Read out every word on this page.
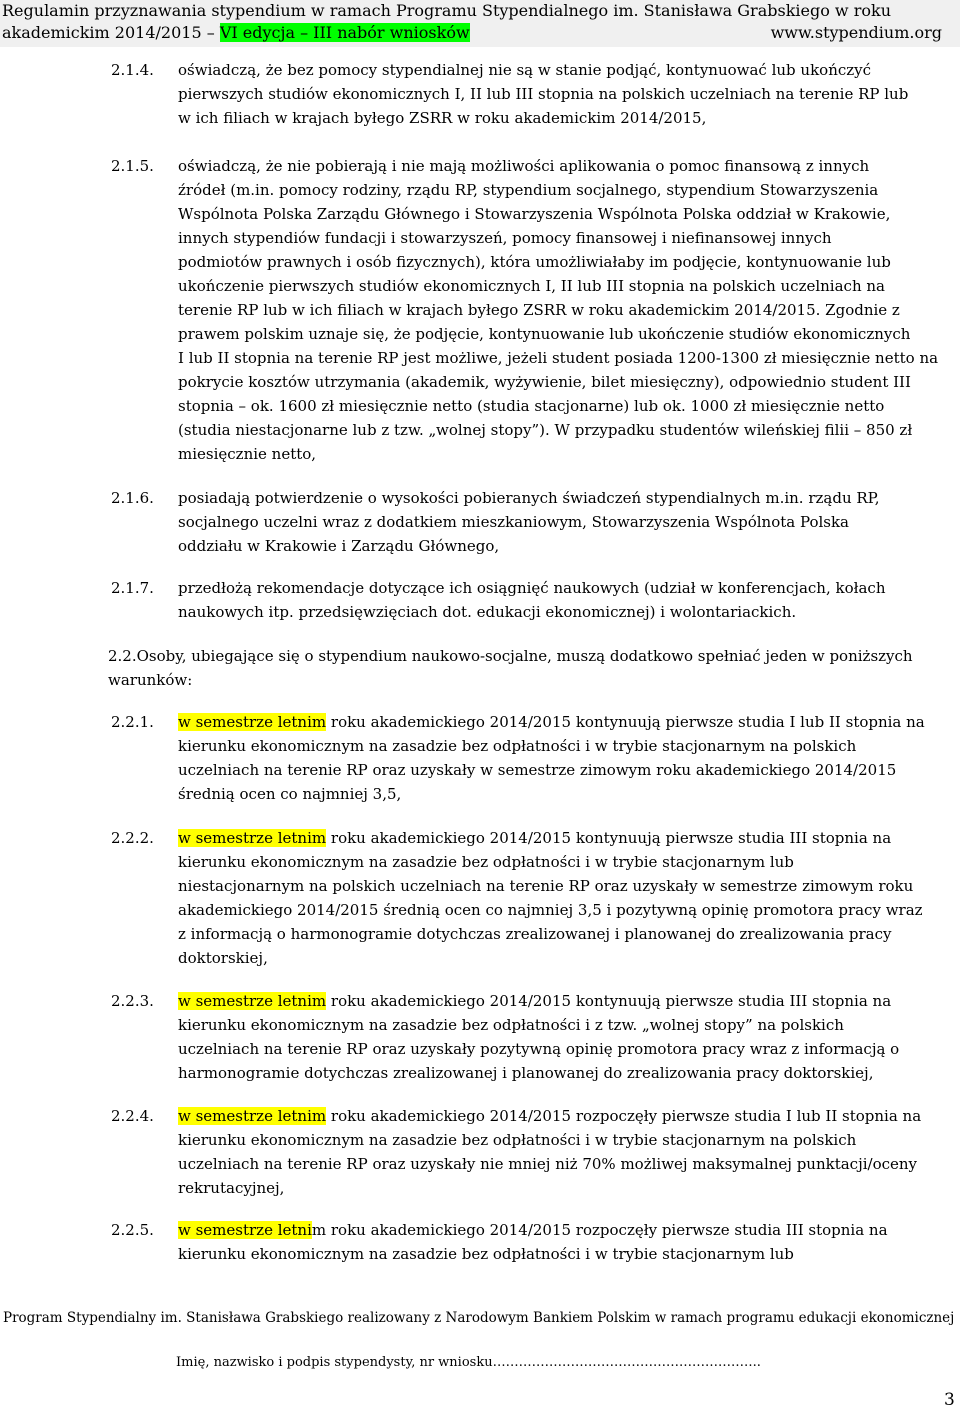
Regulamin przyznawania stypendium w ramach Programu Stypendialnego im. Stanisława Grabskiego w roku
akademickim 2014/2015 – VI edycja – III nabór wniosków	www.stypendium.org
2.1.4. oświadczą, że bez pomocy stypendialnej nie są w stanie podjąć, kontynuować lub ukończyć
pierwszych studiów ekonomicznych I, II lub III stopnia na polskich uczelniach na terenie RP lub
w ich filiach w krajach byłego ZSRR w roku akademickim 2014/2015,
2.1.5. oświadczą, że nie pobierają i nie mają możliwości aplikowania o pomoc finansową z innych
źródeł (m.in. pomocy rodziny, rządu RP, stypendium socjalnego, stypendium Stowarzyszenia
Wspólnota Polska Zarządu Głównego i Stowarzyszenia Wspólnota Polska oddział w Krakowie,
innych stypendiów fundacji i stowarzyszeń, pomocy finansowej i niefinansowej innych
podmiotów prawnych i osób fizycznych), która umożliwiałaby im podjęcie, kontynuowanie lub
ukończenie pierwszych studiów ekonomicznych I, II lub III stopnia na polskich uczelniach na
terenie RP lub w ich filiach w krajach byłego ZSRR w roku akademickim 2014/2015. Zgodnie z
prawem polskim uznaje się, że podjęcie, kontynuowanie lub ukończenie studiów ekonomicznych
I lub II stopnia na terenie RP jest możliwe, jeżeli student posiada 1200-1300 zł miesięcznie netto na
pokrycie kosztów utrzymania (akademik, wyżywienie, bilet miesięczny), odpowiednio student III
stopnia – ok. 1600 zł miesięcznie netto (studia stacjonarne) lub ok. 1000 zł miesięcznie netto
(studia niestacjonarne lub z tzw. „wolnej stopy”). W przypadku studentów wileńskiej filii – 850 zł
miesięcznie netto,
2.1.6. posiadają potwierdzenie o wysokości pobieranych świadczeń stypendialnych m.in. rządu RP,
socjalnego uczelni wraz z dodatkiem mieszkaniowym, Stowarzyszenia Wspólnota Polska
oddziału w Krakowie i Zarządu Głównego,
2.1.7. przedłożą rekomendacje dotyczące ich osiągnięć naukowych (udział w konferencjach, kołach
naukowych itp. przedsięwzięciach dot. edukacji ekonomicznej) i wolontariackich.
2.2.Osoby, ubiegające się o stypendium naukowo-socjalne, muszą dodatkowo spełniać jeden w poniższych
warunków:
2.2.1. w semestrze letnim roku akademickiego 2014/2015 kontynuują pierwsze studia I lub II stopnia na
kierunku ekonomicznym na zasadzie bez odpłatności i w trybie stacjonarnym na polskich
uczelniach na terenie RP oraz uzyskały w semestrze zimowym roku akademickiego 2014/2015
średnią ocen co najmniej 3,5,
2.2.2. w semestrze letnim roku akademickiego 2014/2015 kontynuują pierwsze studia III stopnia na
kierunku ekonomicznym na zasadzie bez odpłatności i w trybie stacjonarnym lub
niestacjonarnym na polskich uczelniach na terenie RP oraz uzyskały w semestrze zimowym roku
akademickiego 2014/2015 średnią ocen co najmniej 3,5 i pozytywną opinię promotora pracy wraz
z informacją o harmonogramie dotychczas zrealizowanej i planowanej do zrealizowania pracy
doktorskiej,
2.2.3. w semestrze letnim roku akademickiego 2014/2015 kontynuują pierwsze studia III stopnia na
kierunku ekonomicznym na zasadzie bez odpłatności i z tzw. „wolnej stopy” na polskich
uczelniach na terenie RP oraz uzyskały pozytywną opinię promotora pracy wraz z informacją o
harmonogramie dotychczas zrealizowanej i planowanej do zrealizowania pracy doktorskiej,
2.2.4. w semestrze letnim roku akademickiego 2014/2015 rozpoczęły pierwsze studia I lub II stopnia na
kierunku ekonomicznym na zasadzie bez odpłatności i w trybie stacjonarnym na polskich
uczelniach na terenie RP oraz uzyskały nie mniej niż 70% możliwej maksymalnej punktacji/oceny
rekrutacyjnej,
2.2.5. w semestrze letnim roku akademickiego 2014/2015 rozpoczęły pierwsze studia III stopnia na
kierunku ekonomicznym na zasadzie bez odpłatności i w trybie stacjonarnym lub
Program Stypendialny im. Stanisława Grabskiego realizowany z Narodowym Bankiem Polskim w ramach programu edukacji ekonomicznej
Imię, nazwisko i podpis stypendysty, nr wniosku……………………………………………………..
3
